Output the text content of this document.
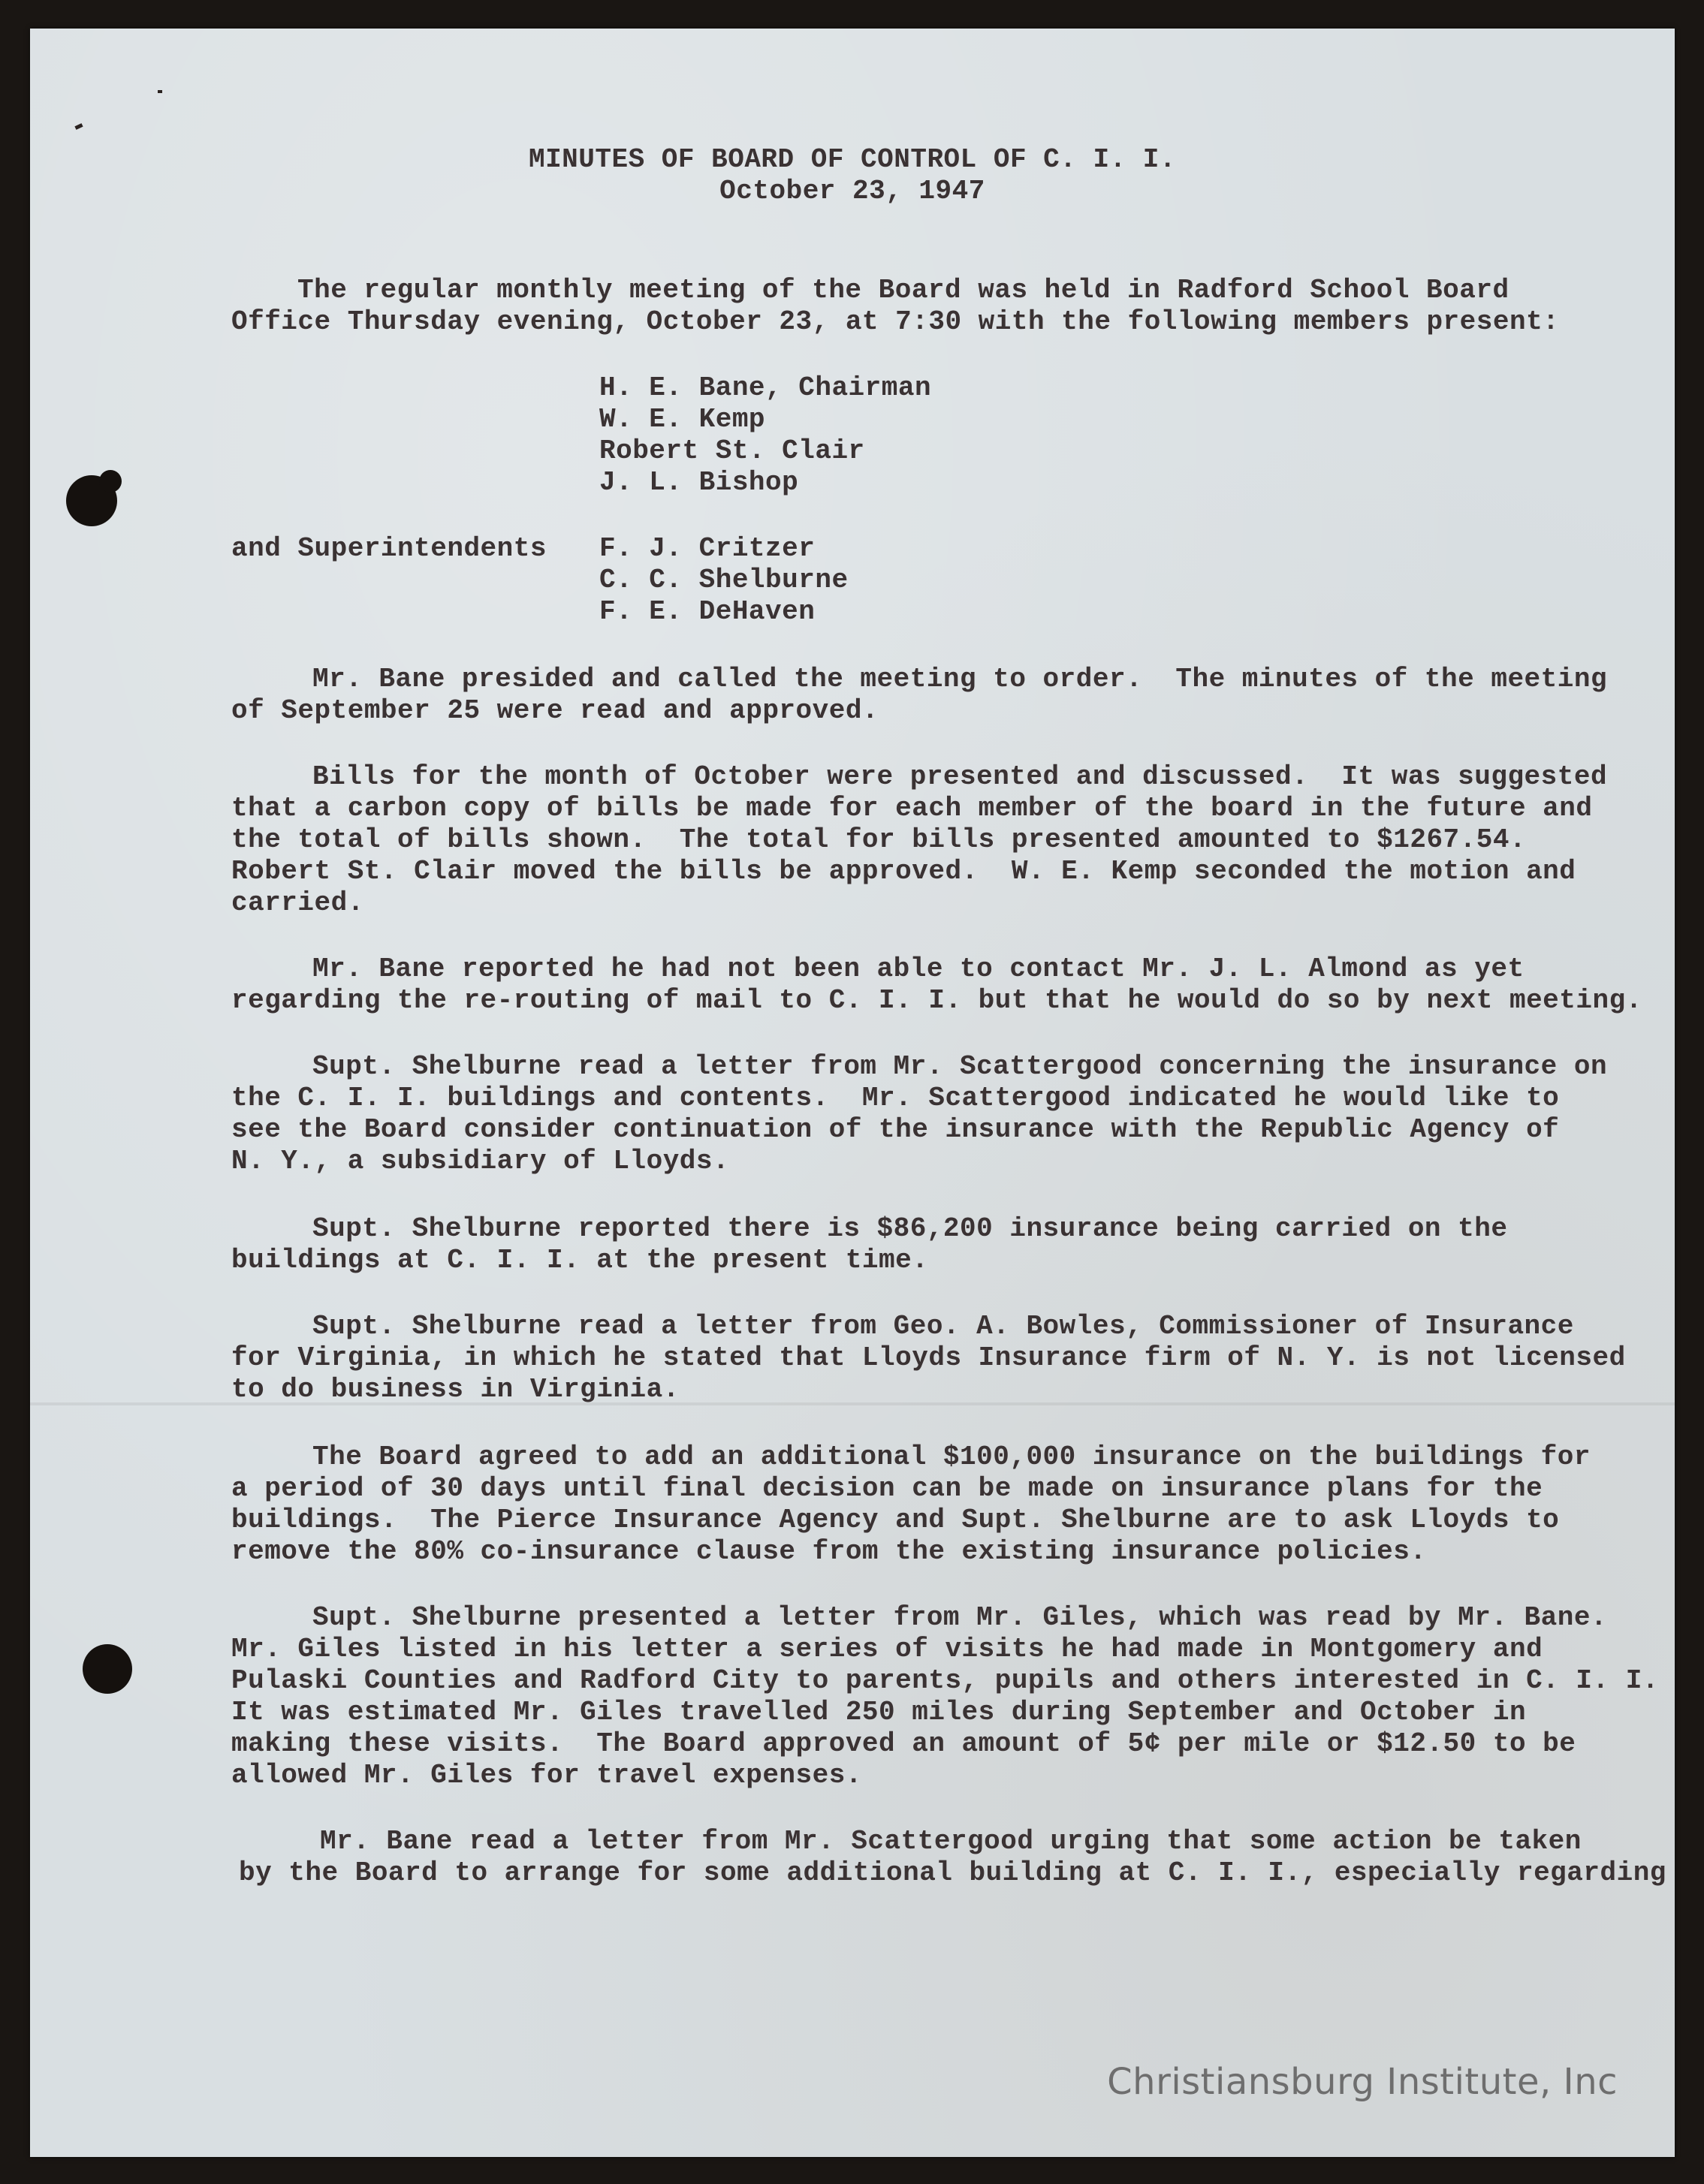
MINUTES OF BOARD OF CONTROL OF C. I. I.
October 23, 1947
The regular monthly meeting of the Board was held in Radford School Board
Office Thursday evening, October 23, at 7:30 with the following members present:
H. E. Bane, Chairman
W. E. Kemp
Robert St. Clair
J. L. Bishop
and Superintendents F. J. Critzer
C. C. Shelburne
F. E. DeHaven
Mr. Bane presided and called the meeting to order.  The minutes of the meeting
of September 25 were read and approved.
Bills for the month of October were presented and discussed.  It was suggested
that a carbon copy of bills be made for each member of the board in the future and
the total of bills shown.  The total for bills presented amounted to $1267.54.
Robert St. Clair moved the bills be approved.  W. E. Kemp seconded the motion and
carried.
Mr. Bane reported he had not been able to contact Mr. J. L. Almond as yet
regarding the re-routing of mail to C. I. I. but that he would do so by next meeting.
Supt. Shelburne read a letter from Mr. Scattergood concerning the insurance on
the C. I. I. buildings and contents.  Mr. Scattergood indicated he would like to
see the Board consider continuation of the insurance with the Republic Agency of
N. Y., a subsidiary of Lloyds.
Supt. Shelburne reported there is $86,200 insurance being carried on the
buildings at C. I. I. at the present time.
Supt. Shelburne read a letter from Geo. A. Bowles, Commissioner of Insurance
for Virginia, in which he stated that Lloyds Insurance firm of N. Y. is not licensed
to do business in Virginia.
The Board agreed to add an additional $100,000 insurance on the buildings for
a period of 30 days until final decision can be made on insurance plans for the
buildings.  The Pierce Insurance Agency and Supt. Shelburne are to ask Lloyds to
remove the 80% co-insurance clause from the existing insurance policies.
Supt. Shelburne presented a letter from Mr. Giles, which was read by Mr. Bane.
Mr. Giles listed in his letter a series of visits he had made in Montgomery and
Pulaski Counties and Radford City to parents, pupils and others interested in C. I. I.
It was estimated Mr. Giles travelled 250 miles during September and October in
making these visits.  The Board approved an amount of 5¢ per mile or $12.50 to be
allowed Mr. Giles for travel expenses.
Mr. Bane read a letter from Mr. Scattergood urging that some action be taken
by the Board to arrange for some additional building at C. I. I., especially regarding
Christiansburg Institute, Inc
